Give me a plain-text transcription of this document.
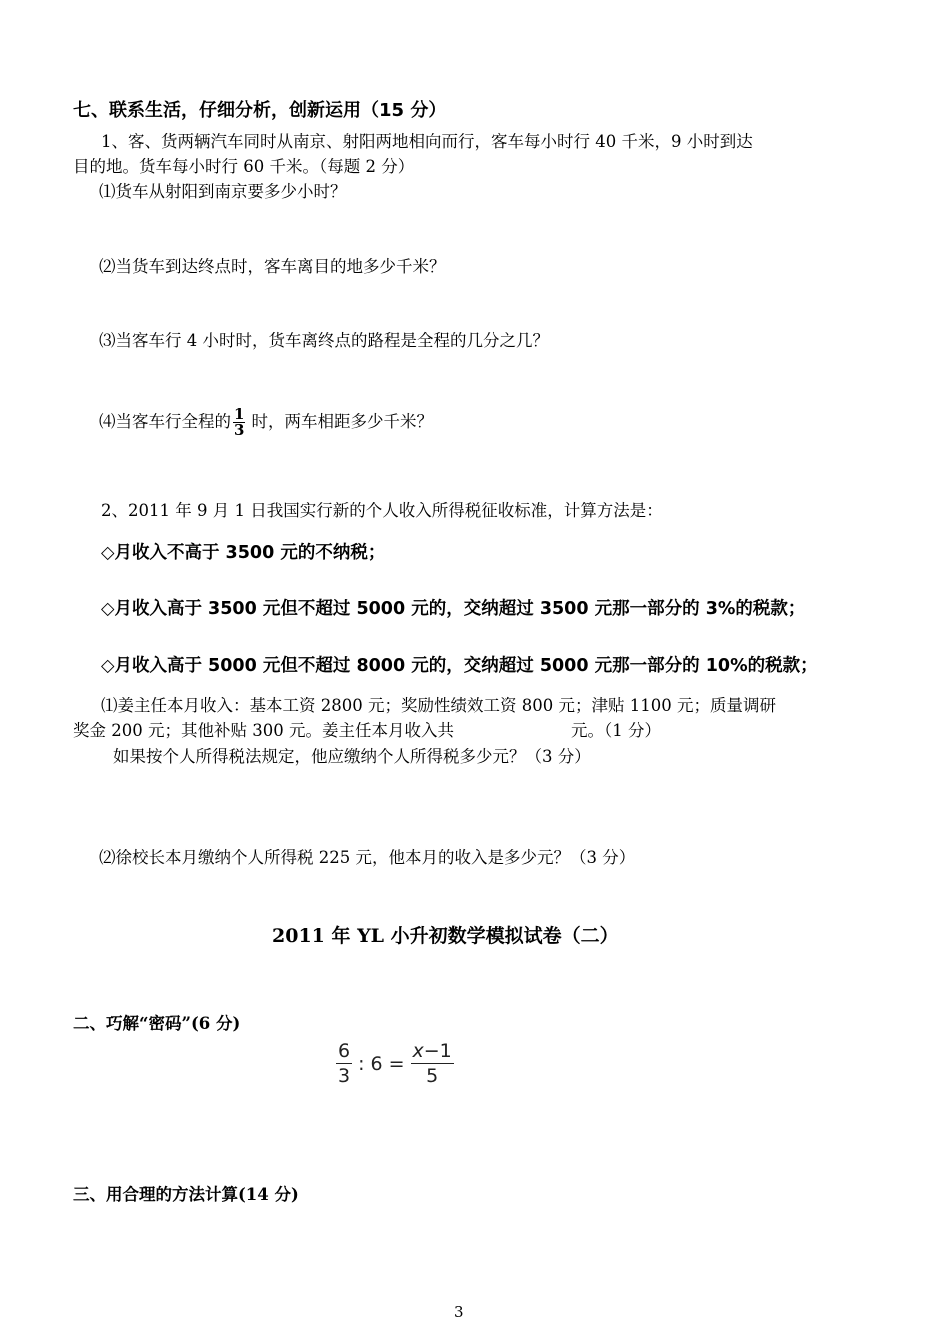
七、联系生活，仔细分析，创新运用（15 分）
1、客、货两辆汽车同时从南京、射阳两地相向而行，客车每小时行 40 千米，9 小时到达
目的地。货车每小时行 60 千米。（每题 2 分）
⑴货车从射阳到南京要多少小时？
⑵当货车到达终点时，客车离目的地多少千米？
⑶当客车行 4 小时时，货车离终点的路程是全程的几分之几？
⑷当客车行全程的 $\frac{1}{3}$ 时，两车相距多少千米？
2、2011 年 9 月 1 日我国实行新的个人收入所得税征收标准，计算方法是：
◇月收入不高于 3500 元的不纳税；
◇月收入高于 3500 元但不超过 5000 元的，交纳超过 3500 元那一部分的 3%的税款；
◇月收入高于 5000 元但不超过 8000 元的，交纳超过 5000 元那一部分的 10%的税款；
⑴姜主任本月收入：基本工资 2800 元；奖励性绩效工资 800 元；津贴 1100 元；质量调研
奖金 200 元；其他补贴 300 元。姜主任本月收入共	元。（1 分）
如果按个人所得税法规定，他应缴纳个人所得税多少元？（3 分）
⑵徐校长本月缴纳个人所得税 225 元，他本月的收入是多少元？（3 分）
2011 年 YL 小升初数学模拟试卷（二）
二、巧解“密码”(6 分)
$\frac{6}{3}$ : $6 = \frac{x-1}{5}$
三、用合理的方法计算(14 分)
3
